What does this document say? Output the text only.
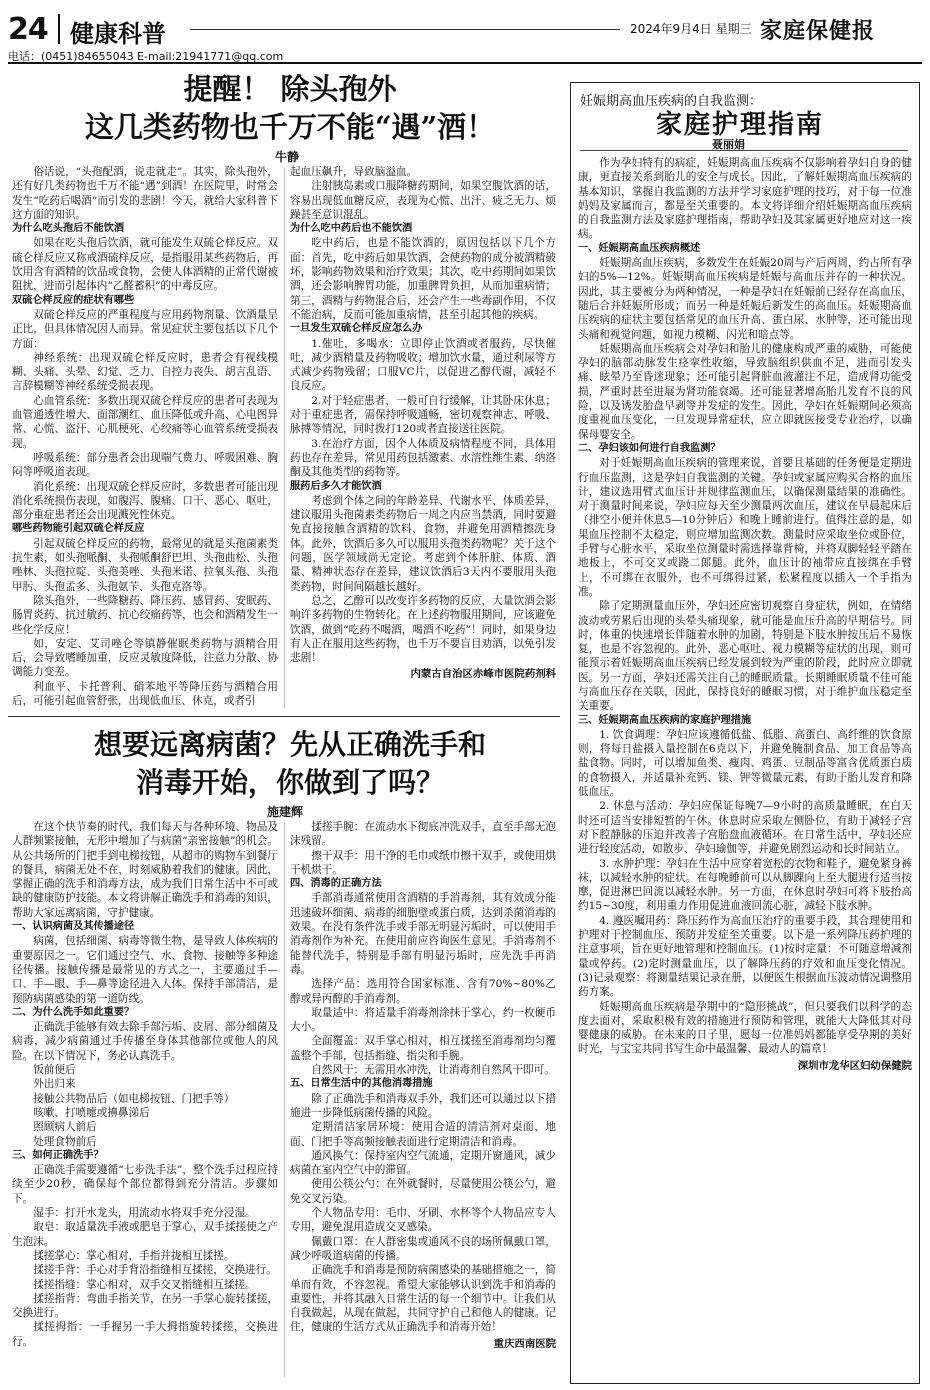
24 健康科普	2024年9月4日 星期三 家庭保健报
电话：(0451)84655043 E-mail:21941771@qq.com
提醒！ 除头孢外
这几类药物也千万不能“遇”酒！
牛静

俗话说，“头孢配酒，说走就走”。其实，除头孢外，还有好几类药物也千万不能“遇”到酒！在医院里，时常会发生“吃药后喝酒”而引发的悲剧！今天，就给大家科普下这方面的知识。

为什么吃头孢后不能饮酒

如果在吃头孢后饮酒，就可能发生双硫仑样反应。双硫仑样反应又称戒酒硫样反应，是指服用某些药物后，再饮用含有酒精的饮品或食物，会使人体酒精的正常代谢被阻扰，进而引起体内“乙醛蓄积”的中毒反应。

双硫仑样反应的症状有哪些

双硫仑样反应的严重程度与应用药物剂量、饮酒量呈正比，但具体情况因人而异。常见症状主要包括以下几个方面：

神经系统：出现双硫仑样反应时，患者会有视线模糊、头痛、头晕、幻觉、乏力、自控力丧失、胡言乱语、言辞模糊等神经系统受损表现。

心血管系统：多数出现双硫仑样反应的患者可表现为血管通透性增大、面部潮红、血压降低或升高、心电图异常、心慌、盗汗、心肌梗死、心绞痛等心血管系统受损表现。

呼吸系统：部分患者会出现喘气费力、呼吸困难、胸闷等呼吸道表现。

消化系统：出现双硫仑样反应时，多数患者可能出现消化系统损伤表现，如腹泻、腹痛、口干、恶心、呕吐，部分重症患者还会出现溅死性休克。

哪些药物能引起双硫仑样反应

引起双硫仑样反应的药物，最常见的就是头孢菌素类抗生素，如头孢哌酮、头孢哌酮舒巴坦、头孢曲松、头孢唑林、头孢拉啶、头孢美唑、头孢米诺、拉氧头孢、头孢甲肟、头孢孟多、头孢氨苄、头孢克洛等。

除头孢外，一些降糖药、降压药、感冒药、安眠药、肠胃炎药、抗过敏药、抗心绞痛药等，也会和酒精发生一些化学反应！

如，安定、艾司唑仑等镇静催眠类药物与酒精合用后，会导致嗜睡加重，反应灵敏度降低，注意力分散、协调能力变差。

利血平、卡托普利、硝苯地平等降压药与酒精合用后，可能引起血管舒张，出现低血压、休克，或者引

起血压飙升，导致脑溢血。

注射胰岛素或口服降糖药期间，如果空腹饮酒的话，容易出现低血糖反应，表现为心慌、出汗、疲乏无力、烦躁甚至意识混乱。

为什么吃中药后也不能饮酒

吃中药后，也是不能饮酒的，原因包括以下几个方面：首先，吃中药后如果饮酒，会使药物的成分被酒精破坏，影响药物效果和治疗效果；其次，吃中药期间如果饮酒，还会影响脾胃功能，加重脾胃负担，从而加重病情；第三，酒精与药物混合后，还会产生一些毒副作用，不仅不能治病，反而可能加重病情，甚至引起其他的疾病。

一旦发生双硫仑样反应怎么办

1.催吐，多喝水：立即停止饮酒或者服药，尽快催吐，减少酒精量及药物吸收；增加饮水量，通过利尿等方式减少药物残留；口服VC片，以促进乙醇代谢，减轻不良反应。

2.对于轻症患者，一般可自行缓解，让其卧床休息；对于重症患者，需保持呼吸通畅，密切观察神志、呼吸、脉搏等情况，同时拨打120或者直接送往医院。

3.在治疗方面，因个人体质及病情程度不同，具体用药也存在差异，常见用药包括激素、水溶性维生素、纳洛酮及其他类型的药物等。

服药后多久才能饮酒

考虑到个体之间的年龄差异、代谢水平、体质差异，建议服用头孢菌素类药物后一周之内应当禁酒，同时要避免直接接触含酒精的饮料、食物，并避免用酒精擦洗身体。此外，饮酒后多久可以服用头孢类药物呢？关于这个问题，医学领域尚无定论。考虑到个体肝脏、体质、酒量、精神状态存在差异，建议饮酒后3天内不要服用头孢类药物，时间间隔越长越好。

总之，乙醇可以改变许多药物的反应，大量饮酒会影响许多药物的生物转化。在上述药物服用期间，应该避免饮酒，做到“吃药不喝酒，喝酒不吃药”！同时，如果身边有人正在服用这些药物，也千万不要盲目劝酒，以免引发悲剧！

内蒙古自治区赤峰市医院药剂科

想要远离病菌？先从正确洗手和
消毒开始，你做到了吗？
施建辉

在这个快节奏的时代，我们每天与各种环境、物品及人群频繁接触，无形中增加了与病菌“亲密接触”的机会。从公共场所的门把手到电梯按钮，从超市的购物车到餐厅的餐具，病菌无处不在，时刻威胁着我们的健康。因此，掌握正确的洗手和消毒方法，成为我们日常生活中不可或缺的健康防护技能。本文将讲解正确洗手和消毒的知识，帮助大家远离病菌，守护健康。

一、认识病菌及其传播途径

病菌，包括细菌、病毒等微生物，是导致人体疾病的重要原因之一。它们通过空气、水、食物、接触等多种途径传播。接触传播是最常见的方式之一，主要通过手—口、手—眼、手—鼻等途径进入人体。保持手部清洁，是预防病菌感染的第一道防线。

二、为什么洗手如此重要？

正确洗手能够有效去除手部污垢、皮屑、部分细菌及病毒，减少病菌通过手传播至身体其他部位或他人的风险。在以下情况下，务必认真洗手。

饭前便后

外出归来

接触公共物品后（如电梯按钮、门把手等）

咳嗽、打喷嚏或擤鼻涕后

照顾病人前后

处理食物前后

三、如何正确洗手？

正确洗手需要遵循“七步洗手法”，整个洗手过程应持续至少20秒，确保每个部位都得到充分清洁。步骤如下。

湿手：打开水龙头，用流动水将双手充分浸湿。

取皂：取适量洗手液或肥皂于掌心，双手揉搓使之产生泡沫。

揉搓掌心：掌心相对，手指并拢相互揉搓。

揉搓手背：手心对手背沿指缝相互揉搓，交换进行。

揉搓指缝：掌心相对，双手交叉指缝相互揉搓。

揉搓指背：弯曲手指关节，在另一手掌心旋转揉搓，交换进行。

揉搓拇指：一手握另一手大拇指旋转揉搓，交换进行。

揉搓手腕：在流动水下彻底冲洗双手，直至手部无泡沫残留。

擦干双手：用干净的毛巾或纸巾擦干双手，或使用烘干机烘干。

四、消毒的正确方法

手部消毒通常使用含酒精的手消毒剂，其有效成分能迅速破坏细菌、病毒的细胞壁或蛋白质，达到杀菌消毒的效果。在没有条件洗手或手部无明显污垢时，可以使用手消毒剂作为补充。在使用前应咨询医生意见。手消毒剂不能替代洗手，特别是手部有明显污垢时，应先洗手再消毒。

选择产品：选用符合国家标准、含有70%~80%乙醇或异丙醇的手消毒剂。

取量适中：将适量手消毒剂涂抹于掌心，约一枚硬币大小。

全面覆盖：双手掌心相对，相互揉搓至消毒剂均匀覆盖整个手部，包括指缝、指尖和手腕。

自然风干：无需用水冲洗，让消毒剂自然风干即可。

五、日常生活中的其他消毒措施

除了正确洗手和消毒双手外，我们还可以通过以下措施进一步降低病菌传播的风险。

定期清洁家居环境：使用合适的清洁剂对桌面、地面、门把手等高频接触表面进行定期清洁和消毒。

通风换气：保持室内空气流通，定期开窗通风，减少病菌在室内空气中的滞留。

使用公筷公勺：在外就餐时，尽量使用公筷公勺，避免交叉污染。

个人物品专用：毛巾、牙刷、水杯等个人物品应专人专用，避免混用造成交叉感染。

佩戴口罩：在人群密集或通风不良的场所佩戴口罩，减少呼吸道病菌的传播。

正确洗手和消毒是预防病菌感染的基础措施之一，简单而有效，不容忽视。希望大家能够认识到洗手和消毒的重要性，并将其融入日常生活的每一个细节中。让我们从自我做起，从现在做起，共同守护自己和他人的健康。记住，健康的生活方式从正确洗手和消毒开始！

重庆西南医院

妊娠期高血压疾病的自我监测：
家庭护理指南
聂丽娟

作为孕妇特有的病症，妊娠期高血压疾病不仅影响着孕妇自身的健康，更直接关系到胎儿的安全与成长。因此，了解妊娠期高血压疾病的基本知识，掌握自我监测的方法并学习家庭护理的技巧，对于每一位准妈妈及家属而言，都是至关重要的。本文将详细介绍妊娠期高血压疾病的自我监测方法及家庭护理指南，帮助孕妇及其家属更好地应对这一疾病。

一、妊娠期高血压疾病概述

妊娠期高血压疾病，多数发生在妊娠20周与产后两周，约占所有孕妇的5%—12%。妊娠期高血压疾病是妊娠与高血压并存的一种状况。因此，其主要被分为两种情况，一种是孕妇在妊娠前已经存在高血压，随后合并妊娠所形成；而另一种是妊娠后新发生的高血压。妊娠期高血压疾病的症状主要包括常见的血压升高、蛋白尿、水肿等，还可能出现头痛和视觉问题，如视力模糊、闪光和暗点等。

妊娠期高血压疾病会对孕妇和胎儿的健康构成严重的威胁，可能使孕妇的脑部动脉发生痉挛性收缩，导致脑组织供血不足，进而引发头痛、眩晕乃至昏迷现象；还可能引起肾脏血液灌注不足，造成肾功能受损，严重时甚至进展为肾功能衰竭。还可能显著增高胎儿发育不良的风险，以及诱发胎盘早剥等并发症的发生。因此，孕妇在妊娠期间必须高度重视血压变化，一旦发现异常症状，应立即就医接受专业治疗，以确保母婴安全。

二、孕妇该如何进行自我监测？

对于妊娠期高血压疾病的管理来说，首要且基础的任务便是定期进行血压监测，这是孕妇自我监测的关键。孕妇或家属应购买合格的血压计，建议选用臂式血压计并规律监测血压，以确保测量结果的准确性。对于测量时间来说，孕妇应每天至少测量两次血压，建议在早晨起床后（排空小便并休息5—10分钟后）和晚上睡前进行。值得注意的是，如果血压控制不太稳定，则应增加监测次数。测量时应采取坐位或卧位，手臂与心脏水平，采取坐位测量时需选择靠背椅，并将双脚轻轻平踏在地板上，不可交叉或跷二郎腿。此外，血压计的袖带应直接绑在手臂上，不可绑在衣服外，也不可绑得过紧，松紧程度以插入一个手指为准。

除了定期测量血压外，孕妇还应密切观察自身症状，例如，在情绪波动或劳累后出现的头晕头痛现象，就可能是血压升高的早期信号。同时，体重的快速增长伴随着水肿的加剧，特别是下肢水肿按压后不易恢复，也是不容忽视的。此外，恶心呕吐、视力模糊等症状的出现，则可能预示着妊娠期高血压疾病已经发展到较为严重的阶段，此时应立即就医。另一方面，孕妇还需关注自己的睡眠质量。长期睡眠质量不佳可能与高血压存在关联，因此，保持良好的睡眠习惯，对于维护血压稳定至关重要。

三、妊娠期高血压疾病的家庭护理措施

1. 饮食调理：孕妇应该遵循低盐、低脂、高蛋白、高纤维的饮食原则，将每日盐摄入量控制在6克以下，并避免腌制食品、加工食品等高盐食物。同时，可以增加鱼类、瘦肉、鸡蛋、豆制品等富含优质蛋白质的食物摄入，并适量补充钙、镁、钾等微量元素，有助于胎儿发育和降低血压。

2. 休息与活动：孕妇应保证每晚7—9小时的高质量睡眠，在白天时还可适当安排短暂的午休。休息时应采取左侧卧位，有助于减轻子宫对下腔静脉的压迫并改善子宫胎盘血液循环。在日常生活中，孕妇还应进行轻度活动，如散步、孕妇瑜伽等，并避免剧烈运动和长时间站立。

3. 水肿护理：孕妇在生活中应穿着宽松的衣物和鞋子，避免紧身裤袜，以减轻水肿的症状。在每晚睡前可以从脚踝向上至大腿进行适当按摩，促进淋巴回流以减轻水肿。另一方面，在休息时孕妇可将下肢抬高约15~30度，利用重力作用促进血液回流心脏，减轻下肢水肿。

4. 遵医嘱用药：降压药作为高血压治疗的重要手段，其合理使用和护理对于控制血压、预防并发症至关重要。以下是一系列降压药护理的注意事项，旨在更好地管理和控制血压。(1)按时定量：不可随意增减剂量或停药。(2)定时测量血压，以了解降压药的疗效和血压变化情况。(3)记录观察：将测量结果记录在册，以便医生根据血压波动情况调整用药方案。

妊娠期高血压疾病是孕期中的“隐形挑战”，但只要我们以科学的态度去面对，采取积极有效的措施进行预防和管理，就能大大降低其对母婴健康的威胁。在未来的日子里，愿每一位准妈妈都能享受孕期的美好时光，与宝宝共同书写生命中最温馨、最动人的篇章！

深圳市龙华区妇幼保健院
